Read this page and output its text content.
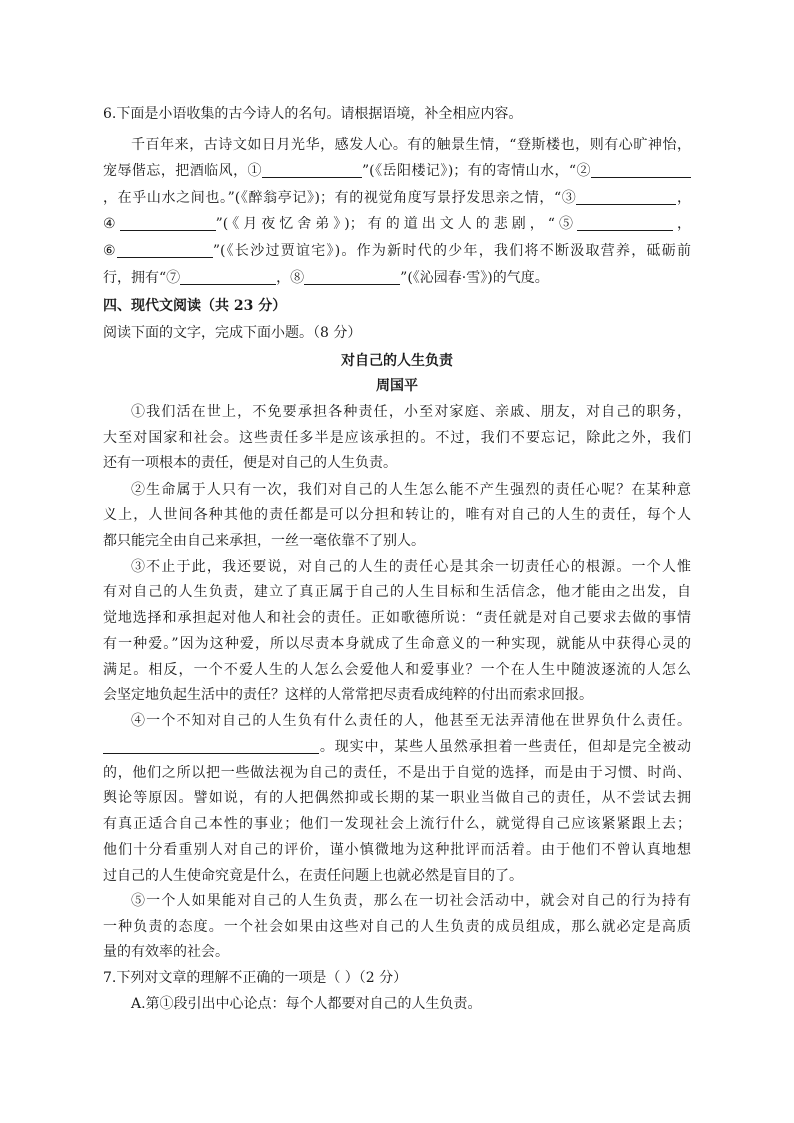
6.下面是小语收集的古今诗人的名句。请根据语境，补全相应内容。
千百年来，古诗文如日月光华，感发人心。有的触景生情，“登斯楼也，则有心旷神怡，
宠辱偕忘，把酒临风，①	”(《岳阳楼记》)；有的寄情山水，“②
，在乎山水之间也。”(《醉翁亭记》)；有的视觉角度写景抒发思亲之情，“③	，
④	”(《月夜忆舍弟》)；有的道出文人的悲剧，“⑤	，
⑥	”(《长沙过贾谊宅》)。作为新时代的少年，我们将不断汲取营养，砥砺前
行，拥有“⑦	，⑧	”(《沁园春·雪》)的气度。
四、现代文阅读（共 23 分）
阅读下面的文字，完成下面小题。（8 分）
对自己的人生负责
周国平
①我们活在世上，不免要承担各种责任，小至对家庭、亲戚、朋友，对自己的职务，
大至对国家和社会。这些责任多半是应该承担的。不过，我们不要忘记，除此之外，我们
还有一项根本的责任，便是对自己的人生负责。
②生命属于人只有一次，我们对自己的人生怎么能不产生强烈的责任心呢？在某种意
义上，人世间各种其他的责任都是可以分担和转让的，唯有对自己的人生的责任，每个人
都只能完全由自己来承担，一丝一毫依靠不了别人。
③不止于此，我还要说，对自己的人生的责任心是其余一切责任心的根源。一个人惟
有对自己的人生负责，建立了真正属于自己的人生目标和生活信念，他才能由之出发，自
觉地选择和承担起对他人和社会的责任。正如歌德所说：“责任就是对自己要求去做的事情
有一种爱。”因为这种爱，所以尽责本身就成了生命意义的一种实现，就能从中获得心灵的
满足。相反，一个不爱人生的人怎么会爱他人和爱事业？一个在人生中随波逐流的人怎么
会坚定地负起生活中的责任？这样的人常常把尽责看成纯粹的付出而索求回报。
④一个不知对自己的人生负有什么责任的人，他甚至无法弄清他在世界负什么责任。
。现实中，某些人虽然承担着一些责任，但却是完全被动
的，他们之所以把一些做法视为自己的责任，不是出于自觉的选择，而是由于习惯、时尚、
舆论等原因。譬如说，有的人把偶然抑或长期的某一职业当做自己的责任，从不尝试去拥
有真正适合自己本性的事业；他们一发现社会上流行什么，就觉得自己应该紧紧跟上去；
他们十分看重别人对自己的评价，谨小慎微地为这种批评而活着。由于他们不曾认真地想
过自己的人生使命究竟是什么，在责任问题上也就必然是盲目的了。
⑤一个人如果能对自己的人生负责，那么在一切社会活动中，就会对自己的行为持有
一种负责的态度。一个社会如果由这些对自己的人生负责的成员组成，那么就必定是高质
量的有效率的社会。
7.下列对文章的理解不正确的一项是（ ）（2 分）
A.第①段引出中心论点：每个人都要对自己的人生负责。
